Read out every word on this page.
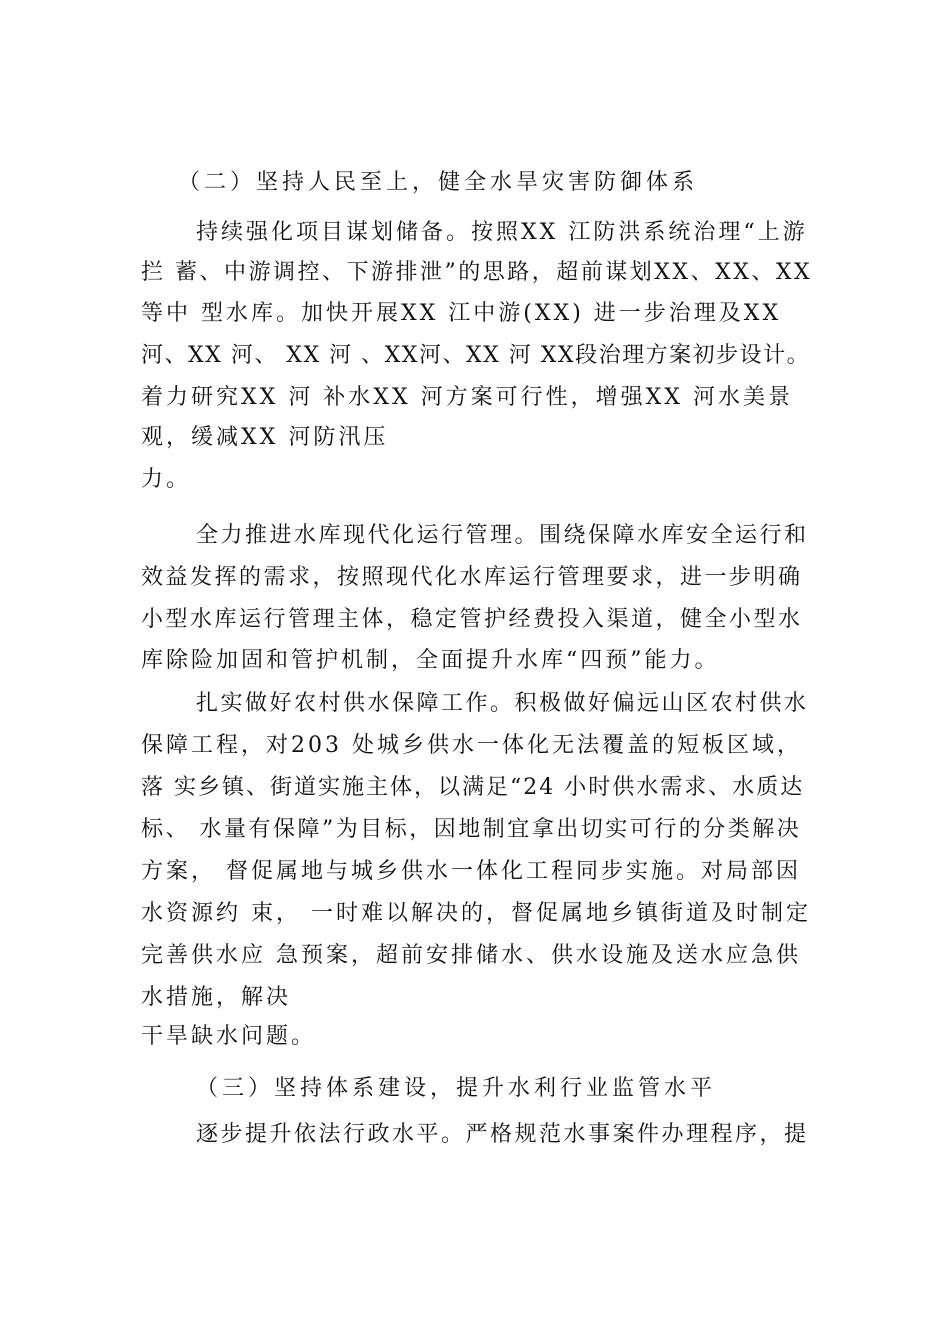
（二）坚持人民至上，健全水旱灾害防御体系
持续强化项目谋划储备。按照XX 江防洪系统治理“上游
拦 蓄、中游调控、下游排泄”的思路，超前谋划XX、XX、XX
等中 型水库。加快开展XX 江中游(XX) 进一步治理及XX
河、XX 河、 XX 河 、XX河、XX 河 XX段治理方案初步设计。
着力研究XX 河 补水XX 河方案可行性，增强XX 河水美景
观，缓减XX 河防汛压
力。
全力推进水库现代化运行管理。围绕保障水库安全运行和
效益发挥的需求，按照现代化水库运行管理要求，进一步明确
小型水库运行管理主体，稳定管护经费投入渠道，健全小型水
库除险加固和管护机制，全面提升水库“四预”能力。
扎实做好农村供水保障工作。积极做好偏远山区农村供水
保障工程，对203 处城乡供水一体化无法覆盖的短板区域，
落 实乡镇、街道实施主体，以满足“24 小时供水需求、水质达
标、 水量有保障”为目标，因地制宜拿出切实可行的分类解决
方案， 督促属地与城乡供水一体化工程同步实施。对局部因
水资源约 束， 一时难以解决的，督促属地乡镇街道及时制定
完善供水应 急预案，超前安排储水、供水设施及送水应急供
水措施，解决
干旱缺水问题。
（三）坚持体系建设，提升水利行业监管水平
逐步提升依法行政水平。严格规范水事案件办理程序，提
